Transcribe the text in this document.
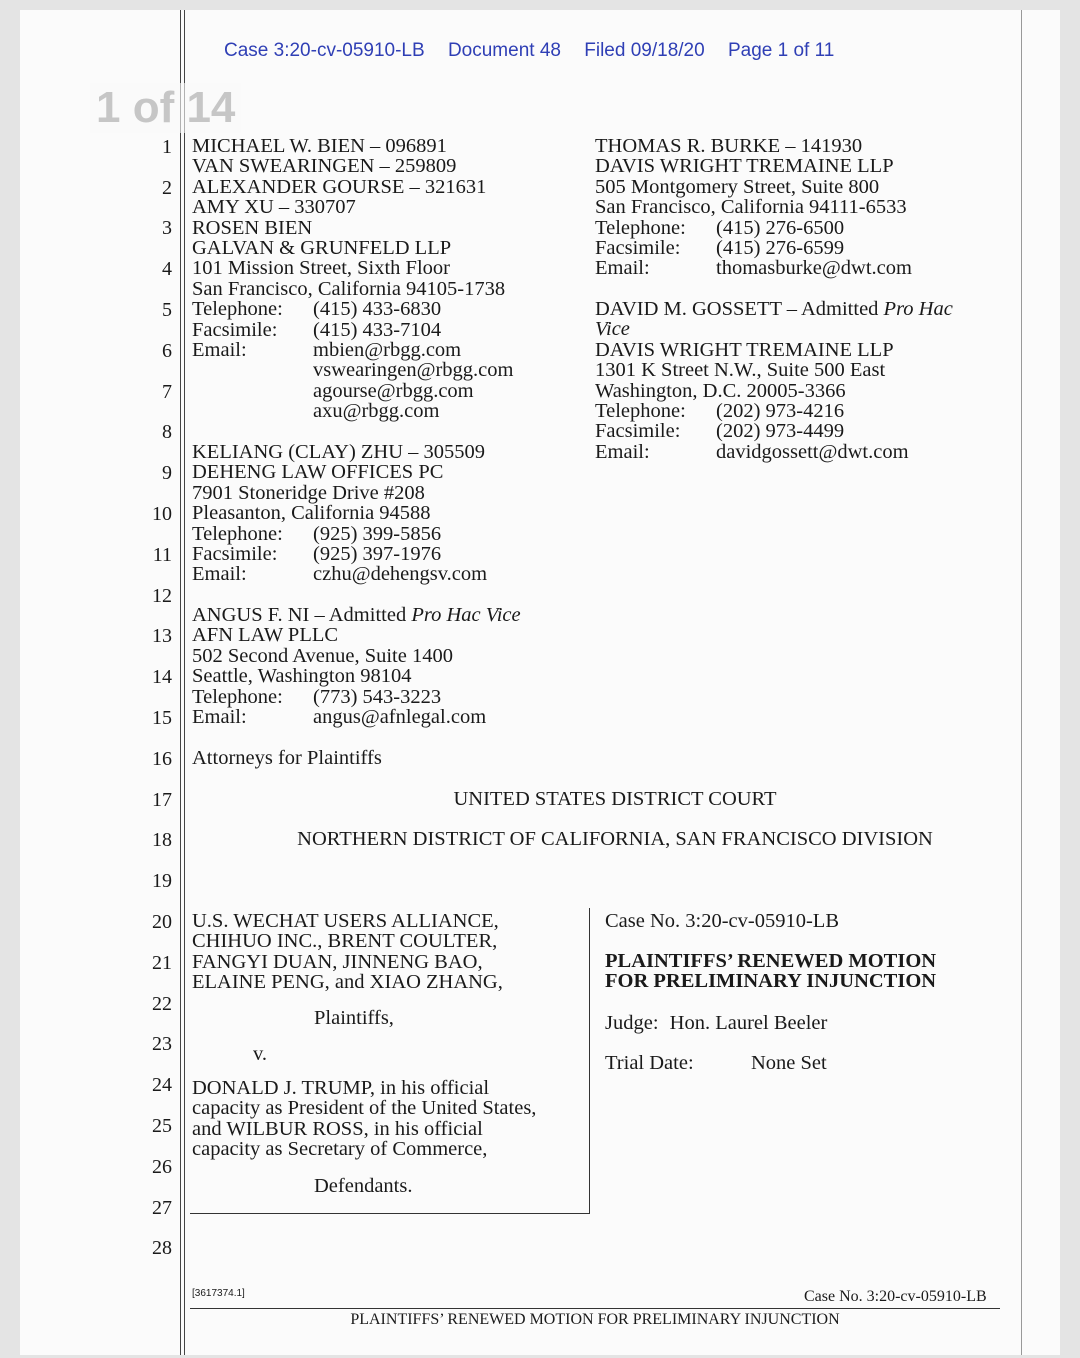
Case 3:20-cv-05910-LB Document 48 Filed 09/18/20 Page 1 of 11
1 of 14
1
2
3
4
5
6
7
8
9
10
11
12
13
14
15
16
17
18
19
20
21
22
23
24
25
26
27
28
MICHAEL W. BIEN – 096891
VAN SWEARINGEN – 259809
ALEXANDER GOURSE – 321631
AMY XU – 330707
ROSEN BIEN
GALVAN & GRUNFELD LLP
101 Mission Street, Sixth Floor
San Francisco, California 94105-1738
Telephone: (415) 433-6830
Facsimile: (415) 433-7104
Email:	mbien@rbgg.com
vswearingen@rbgg.com
agourse@rbgg.com
axu@rbgg.com
KELIANG (CLAY) ZHU – 305509
DEHENG LAW OFFICES PC
7901 Stoneridge Drive #208
Pleasanton, California 94588
Telephone: (925) 399-5856
Facsimile: (925) 397-1976
Email:	czhu@dehengsv.com
ANGUS F. NI – Admitted Pro Hac Vice
AFN LAW PLLC
502 Second Avenue, Suite 1400
Seattle, Washington 98104
Telephone: (773) 543-3223
Email:	angus@afnlegal.com
THOMAS R. BURKE – 141930
DAVIS WRIGHT TREMAINE LLP
505 Montgomery Street, Suite 800
San Francisco, California 94111-6533
Telephone: (415) 276-6500
Facsimile: (415) 276-6599
Email:	thomasburke@dwt.com
DAVID M. GOSSETT – Admitted Pro Hac
Vice
DAVIS WRIGHT TREMAINE LLP
1301 K Street N.W., Suite 500 East
Washington, D.C. 20005-3366
Telephone: (202) 973-4216
Facsimile: (202) 973-4499
Email:	davidgossett@dwt.com
Attorneys for Plaintiffs
UNITED STATES DISTRICT COURT
NORTHERN DISTRICT OF CALIFORNIA, SAN FRANCISCO DIVISION
U.S. WECHAT USERS ALLIANCE,
CHIHUO INC., BRENT COULTER,
FANGYI DUAN, JINNENG BAO,
ELAINE PENG, and XIAO ZHANG,
Plaintiffs,
v.
DONALD J. TRUMP, in his official
capacity as President of the United States,
and WILBUR ROSS, in his official
capacity as Secretary of Commerce,
Defendants.
Case No. 3:20-cv-05910-LB
PLAINTIFFS’ RENEWED MOTION
FOR PRELIMINARY INJUNCTION
Judge: Hon. Laurel Beeler
Trial Date:	None Set
[3617374.1]	Case No. 3:20-cv-05910-LB
PLAINTIFFS’ RENEWED MOTION FOR PRELIMINARY INJUNCTION
